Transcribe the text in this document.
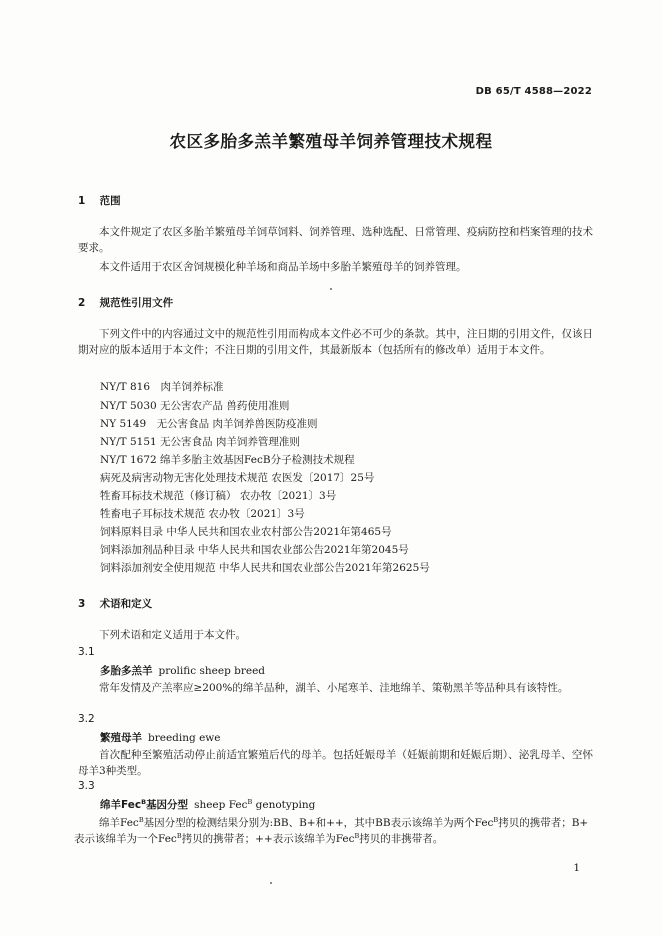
DB 65/T 4588—2022
农区多胎多羔羊繁殖母羊饲养管理技术规程
1 范围
本文件规定了农区多胎羊繁殖母羊饲草饲料、饲养管理、选种选配、日常管理、疫病防控和档案管理的技术要求。
本文件适用于农区舍饲规模化种羊场和商品羊场中多胎羊繁殖母羊的饲养管理。
2 规范性引用文件
下列文件中的内容通过文中的规范性引用而构成本文件必不可少的条款。其中，注日期的引用文件，仅该日期对应的版本适用于本文件；不注日期的引用文件，其最新版本（包括所有的修改单）适用于本文件。
NY/T 816　肉羊饲养标准
NY/T 5030 无公害农产品 兽药使用准则
NY 5149　无公害食品 肉羊饲养兽医防疫准则
NY/T 5151 无公害食品 肉羊饲养管理准则
NY/T 1672 绵羊多胎主效基因FecB分子检测技术规程
病死及病害动物无害化处理技术规范 农医发〔2017〕25号
牲畜耳标技术规范（修订稿） 农办牧〔2021〕3号
牲畜电子耳标技术规范 农办牧〔2021〕3号
饲料原料目录 中华人民共和国农业农村部公告2021年第465号
饲料添加剂品种目录 中华人民共和国农业部公告2021年第2045号
饲料添加剂安全使用规范 中华人民共和国农业部公告2021年第2625号
3 术语和定义
下列术语和定义适用于本文件。
3.1
多胎多羔羊 prolific sheep breed
常年发情及产羔率应≥200%的绵羊品种，湖羊、小尾寒羊、洼地绵羊、策勒黑羊等品种具有该特性。
3.2
繁殖母羊 breeding ewe
首次配种至繁殖活动停止前适宜繁殖后代的母羊。包括妊娠母羊（妊娠前期和妊娠后期）、泌乳母羊、空怀母羊3种类型。
3.3
绵羊Fec$^B$基因分型 sheep Fec$^B$ genotyping
绵羊Fec$^B$基因分型的检测结果分别为:BB、B+和++，其中BB表示该绵羊为两个Fec$^B$拷贝的携带者；B+
表示该绵羊为一个Fec$^B$拷贝的携带者；++表示该绵羊为Fec$^B$拷贝的非携带者。
1
